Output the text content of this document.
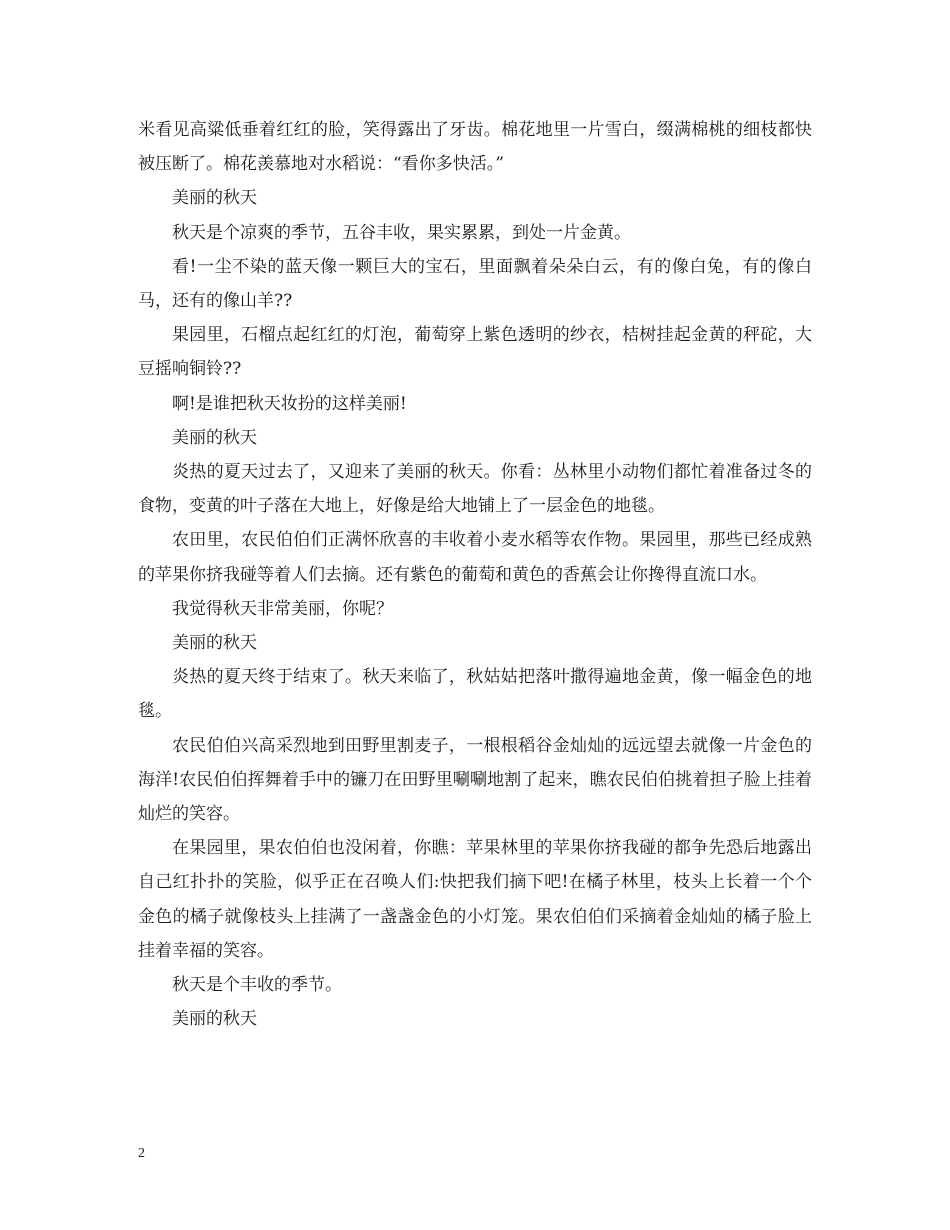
米看见高粱低垂着红红的脸，笑得露出了牙齿。棉花地里一片雪白，缀满棉桃的细枝都快被压断了。棉花羡慕地对水稻说：“看你多快活。”

美丽的秋天

秋天是个凉爽的季节，五谷丰收，果实累累，到处一片金黄。

看!一尘不染的蓝天像一颗巨大的宝石，里面飘着朵朵白云，有的像白兔，有的像白马，还有的像山羊??

果园里，石榴点起红红的灯泡，葡萄穿上紫色透明的纱衣，桔树挂起金黄的秤砣，大豆摇响铜铃??

啊!是谁把秋天妆扮的这样美丽!

美丽的秋天

炎热的夏天过去了，又迎来了美丽的秋天。你看：丛林里小动物们都忙着准备过冬的食物，变黄的叶子落在大地上，好像是给大地铺上了一层金色的地毯。

农田里，农民伯伯们正满怀欣喜的丰收着小麦水稻等农作物。果园里，那些已经成熟的苹果你挤我碰等着人们去摘。还有紫色的葡萄和黄色的香蕉会让你搀得直流口水。

我觉得秋天非常美丽，你呢？

美丽的秋天

炎热的夏天终于结束了。秋天来临了，秋姑姑把落叶撒得遍地金黄，像一幅金色的地毯。

农民伯伯兴高采烈地到田野里割麦子，一根根稻谷金灿灿的远远望去就像一片金色的海洋!农民伯伯挥舞着手中的镰刀在田野里唰唰地割了起来，瞧农民伯伯挑着担子脸上挂着灿烂的笑容。

在果园里，果农伯伯也没闲着，你瞧：苹果林里的苹果你挤我碰的都争先恐后地露出自己红扑扑的笑脸，似乎正在召唤人们:快把我们摘下吧!在橘子林里，枝头上长着一个个金色的橘子就像枝头上挂满了一盏盏金色的小灯笼。果农伯伯们采摘着金灿灿的橘子脸上挂着幸福的笑容。

秋天是个丰收的季节。

美丽的秋天

2
